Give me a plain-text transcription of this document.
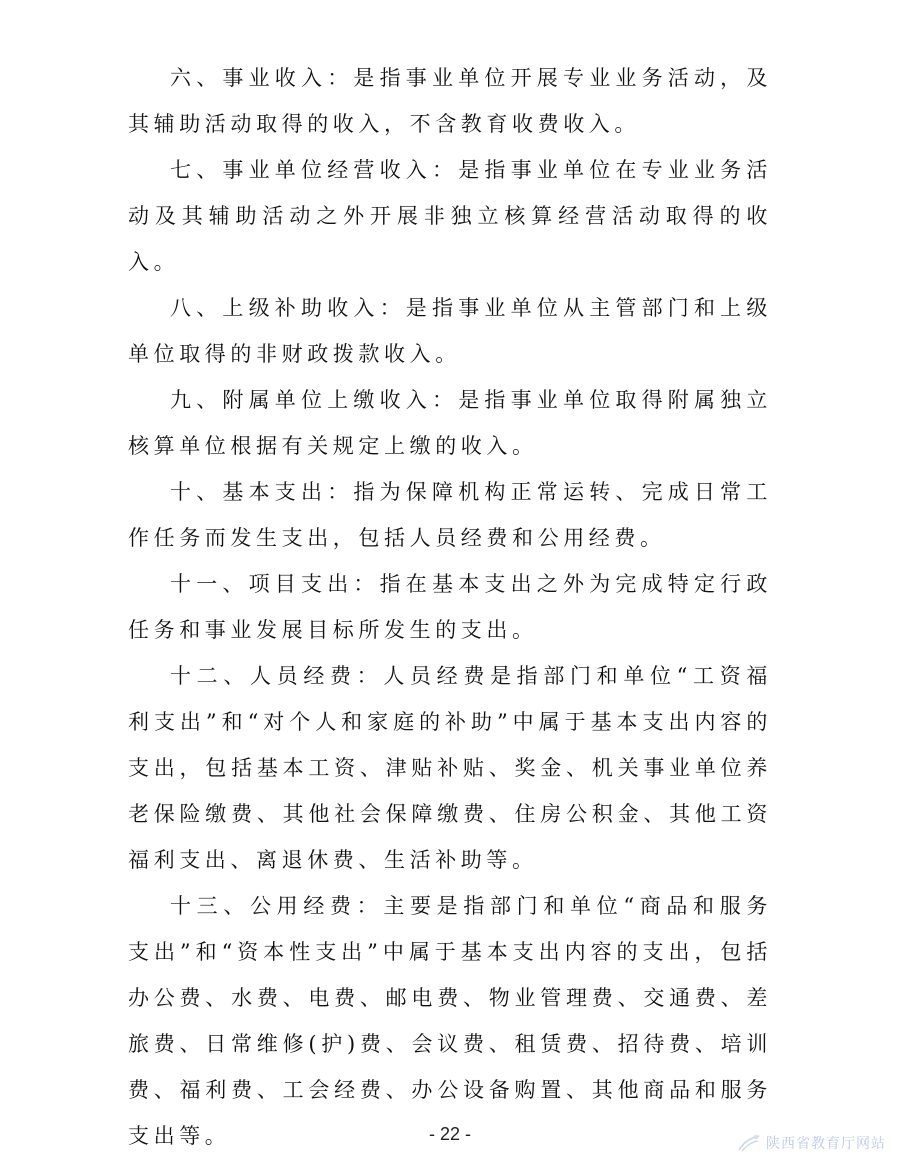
六、事业收入：是指事业单位开展专业业务活动，及其辅助活动取得的收入，不含教育收费收入。

七、事业单位经营收入：是指事业单位在专业业务活动及其辅助活动之外开展非独立核算经营活动取得的收入。

八、上级补助收入：是指事业单位从主管部门和上级单位取得的非财政拨款收入。

九、附属单位上缴收入：是指事业单位取得附属独立核算单位根据有关规定上缴的收入。

十、基本支出：指为保障机构正常运转、完成日常工作任务而发生支出，包括人员经费和公用经费。

十一、项目支出：指在基本支出之外为完成特定行政任务和事业发展目标所发生的支出。

十二、人员经费：人员经费是指部门和单位“工资福利支出”和“对个人和家庭的补助”中属于基本支出内容的支出，包括基本工资、津贴补贴、奖金、机关事业单位养老保险缴费、其他社会保障缴费、住房公积金、其他工资福利支出、离退休费、生活补助等。

十三、公用经费：主要是指部门和单位“商品和服务支出”和“资本性支出”中属于基本支出内容的支出，包括办公费、水费、电费、邮电费、物业管理费、交通费、差旅费、日常维修(护)费、会议费、租赁费、招待费、培训费、福利费、工会经费、办公设备购置、其他商品和服务支出等。	- 22 -	陕西省教育厅网站
